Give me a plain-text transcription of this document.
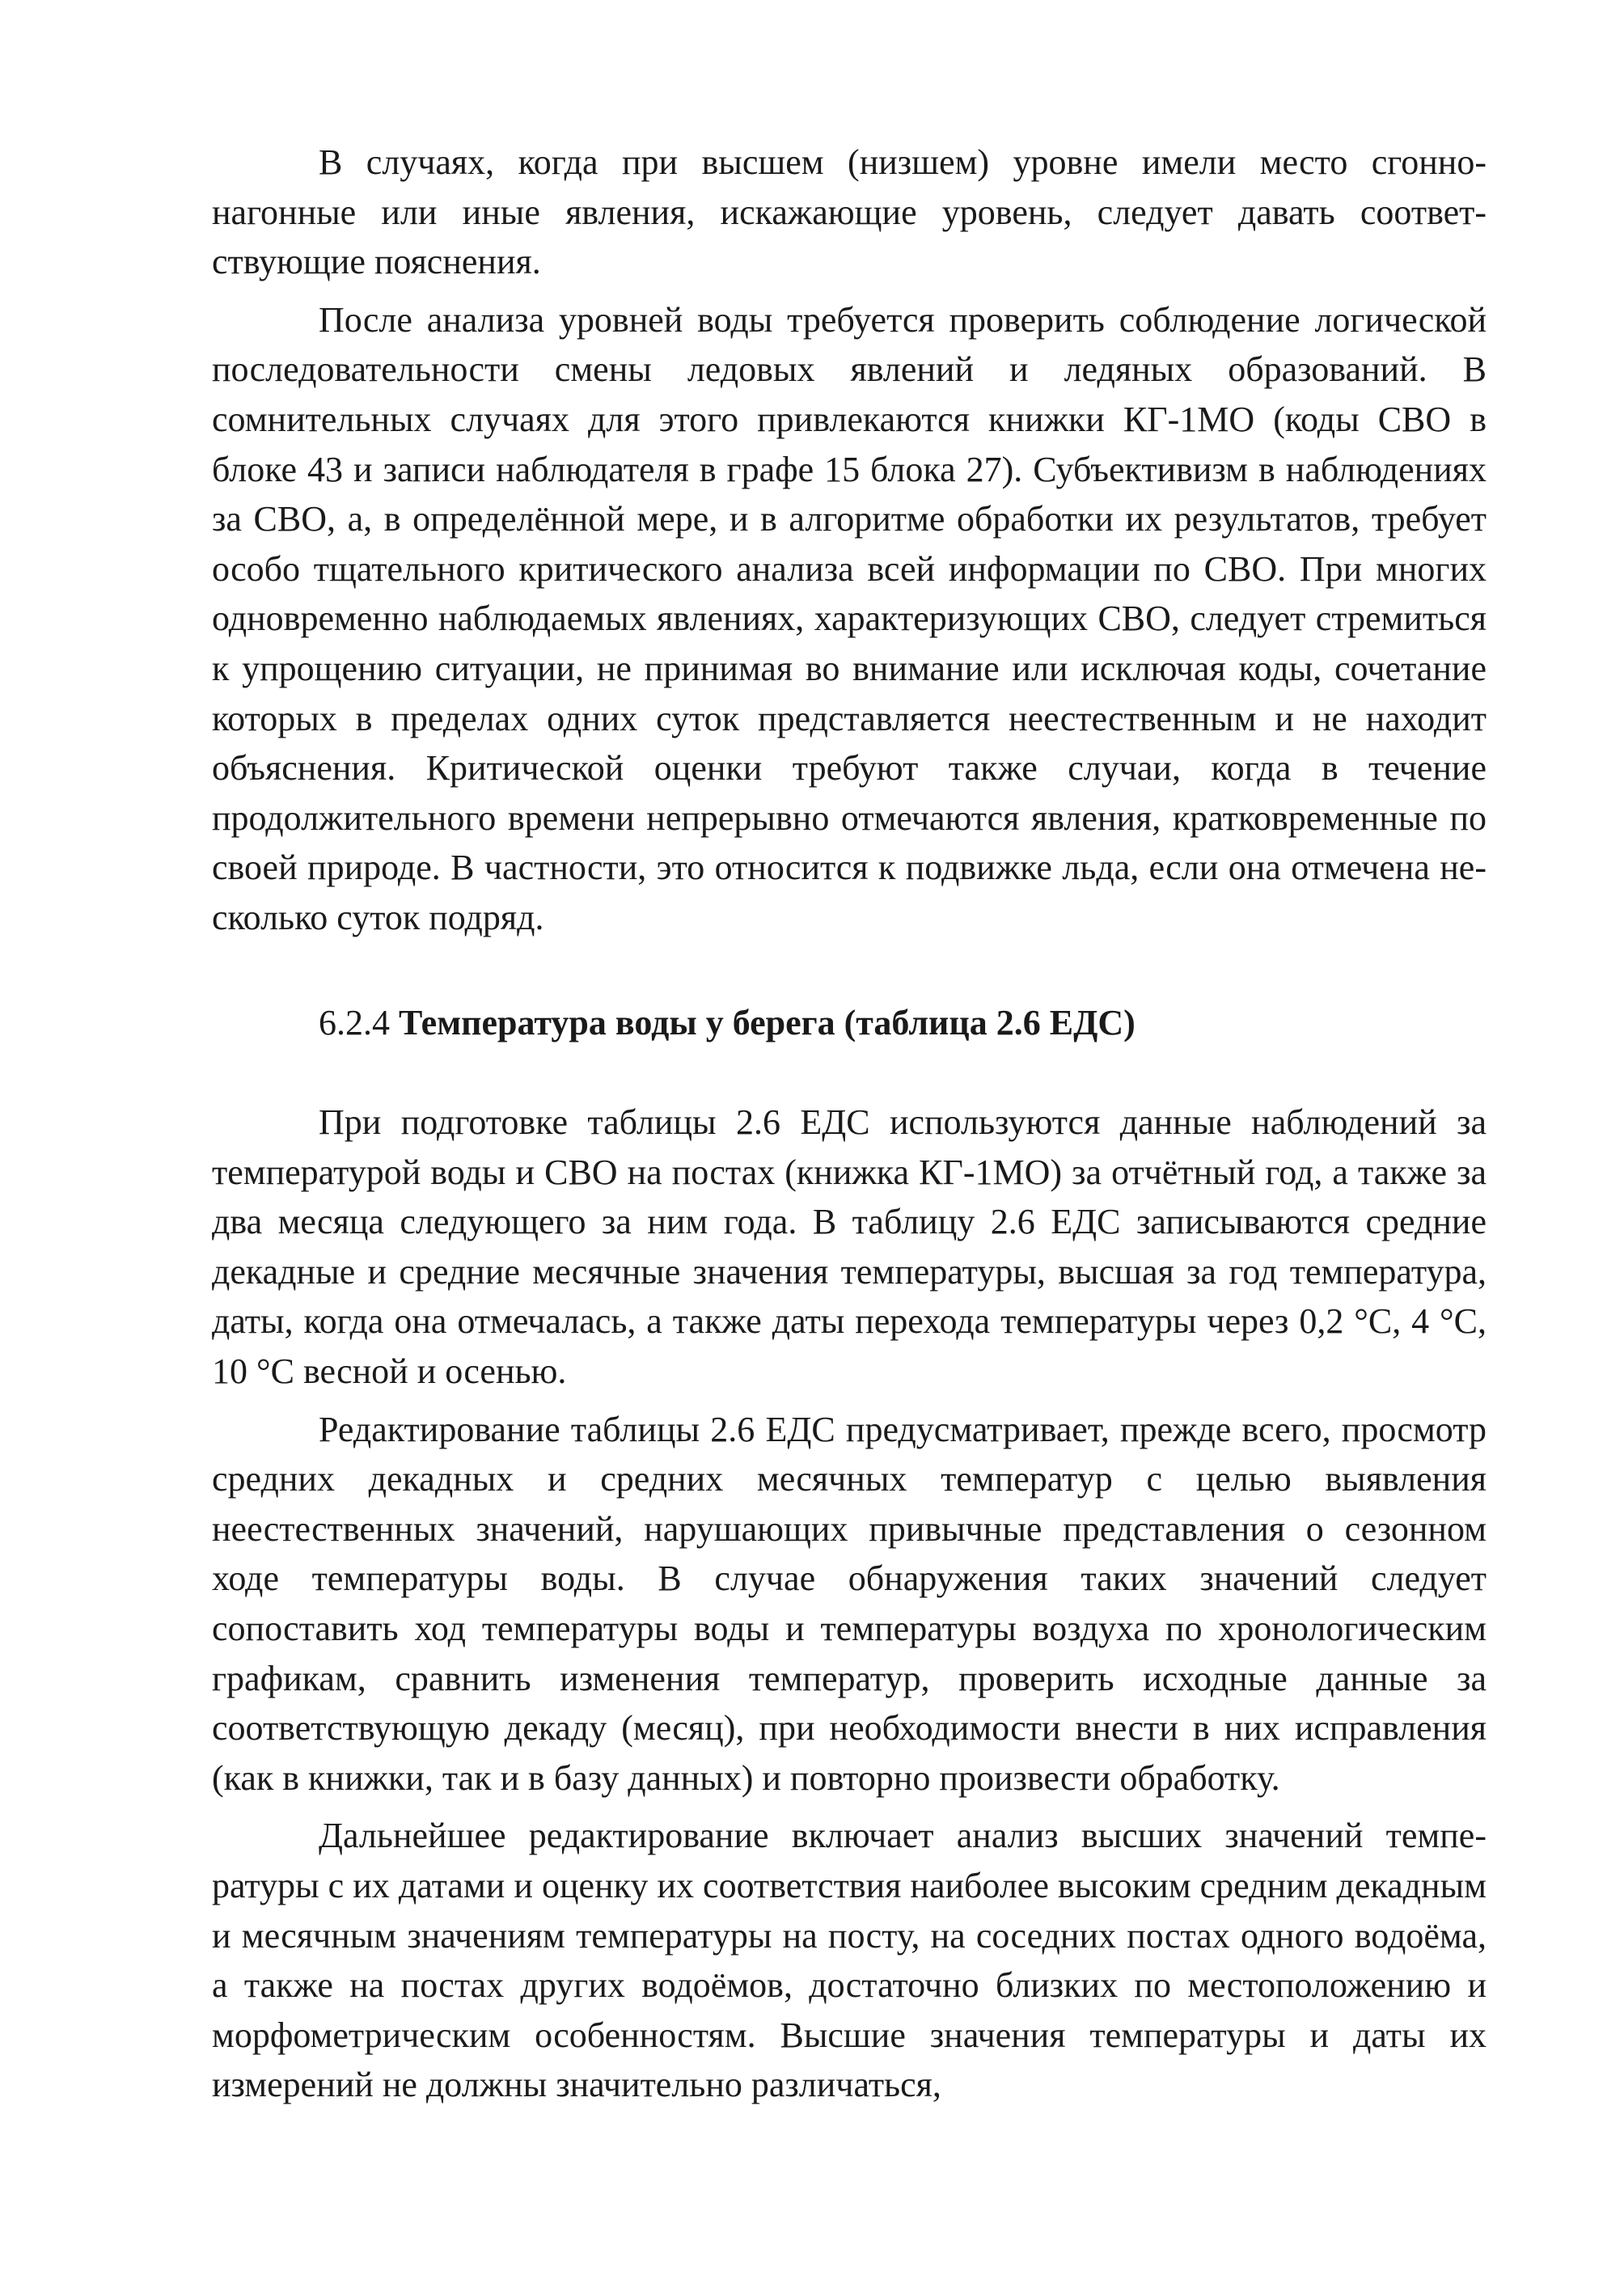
В случаях, когда при высшем (низшем) уровне имели место сгонно-нагонные или иные явления, искажающие уровень, следует давать соответствующие пояснения.

После анализа уровней воды требуется проверить соблюдение логической последовательности смены ледовых явлений и ледяных образований. В сомнительных случаях для этого привлекаются книжки КГ-1МО (коды СВО в блоке 43 и записи наблюдателя в графе 15 блока 27). Субъективизм в наблюдениях за СВО, а, в определённой мере, и в алгоритме обработки их результатов, требует особо тщательного критического анализа всей информации по СВО. При многих одновременно наблюдаемых явлениях, характеризующих СВО, следует стремиться к упрощению ситуации, не принимая во внимание или исключая коды, сочетание которых в пределах одних суток представляется неестественным и не находит объяснения. Критической оценки требуют также случаи, когда в течение продолжительного времени непрерывно отмечаются явления, кратковременные по своей природе. В частности, это относится к подвижке льда, если она отмечена несколько суток подряд.

6.2.4 Температура воды у берега (таблица 2.6 ЕДС)

При подготовке таблицы 2.6 ЕДС используются данные наблюдений за температурой воды и СВО на постах (книжка КГ-1МО) за отчётный год, а также за два месяца следующего за ним года. В таблицу 2.6 ЕДС записываются средние декадные и средние месячные значения температуры, высшая за год температура, даты, когда она отмечалась, а также даты перехода температуры через 0,2 °С, 4 °С, 10 °С весной и осенью.

Редактирование таблицы 2.6 ЕДС предусматривает, прежде всего, просмотр средних декадных и средних месячных температур с целью выявления неестественных значений, нарушающих привычные представления о сезонном ходе температуры воды. В случае обнаружения таких значений следует сопоставить ход температуры воды и температуры воздуха по хронологическим графикам, сравнить изменения температур, проверить исходные данные за соответствующую декаду (месяц), при необходимости внести в них исправления (как в книжки, так и в базу данных) и повторно произвести обработку.

Дальнейшее редактирование включает анализ высших значений температуры с их датами и оценку их соответствия наиболее высоким средним декадным и месячным значениям температуры на посту, на соседних постах одного водоёма, а также на постах других водоёмов, достаточно близких по местоположению и морфометрическим особенностям. Высшие значения температуры и даты их измерений не должны значительно различаться,
